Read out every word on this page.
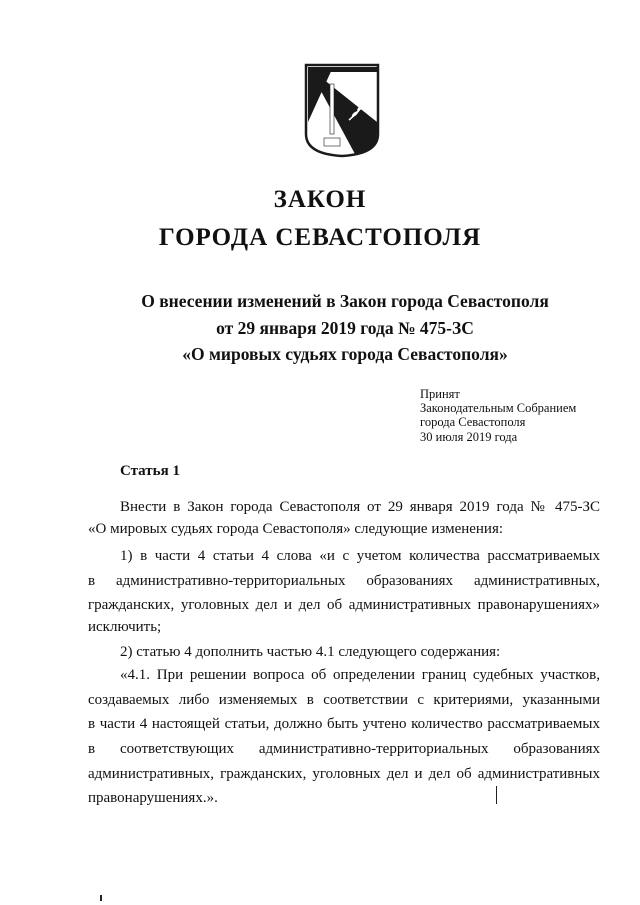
ЗАКОН
ГОРОДА СЕВАСТОПОЛЯ

О внесении изменений в Закон города Севастополя

от 29 января 2019 года № 475-ЗС

«О мировых судьях города Севастополя»

Принят
Законодательным Собранием
города Севастополя
30 июля 2019 года

Статья 1

Внести в Закон города Севастополя от 29 января 2019 года № 475-ЗС

«О мировых судьях города Севастополя» следующие изменения:

1) в части 4 статьи 4 слова «и с учетом количества рассматриваемых

в административно-территориальных образованиях административных,

гражданских, уголовных дел и дел об административных правонарушениях»

исключить;

2) статью 4 дополнить частью 4.1 следующего содержания:

«4.1. При решении вопроса об определении границ судебных участков,

создаваемых либо изменяемых в соответствии с критериями, указанными

в части 4 настоящей статьи, должно быть учтено количество рассматриваемых

в соответствующих административно-территориальных образованиях

административных, гражданских, уголовных дел и дел об административных

правонарушениях.».
